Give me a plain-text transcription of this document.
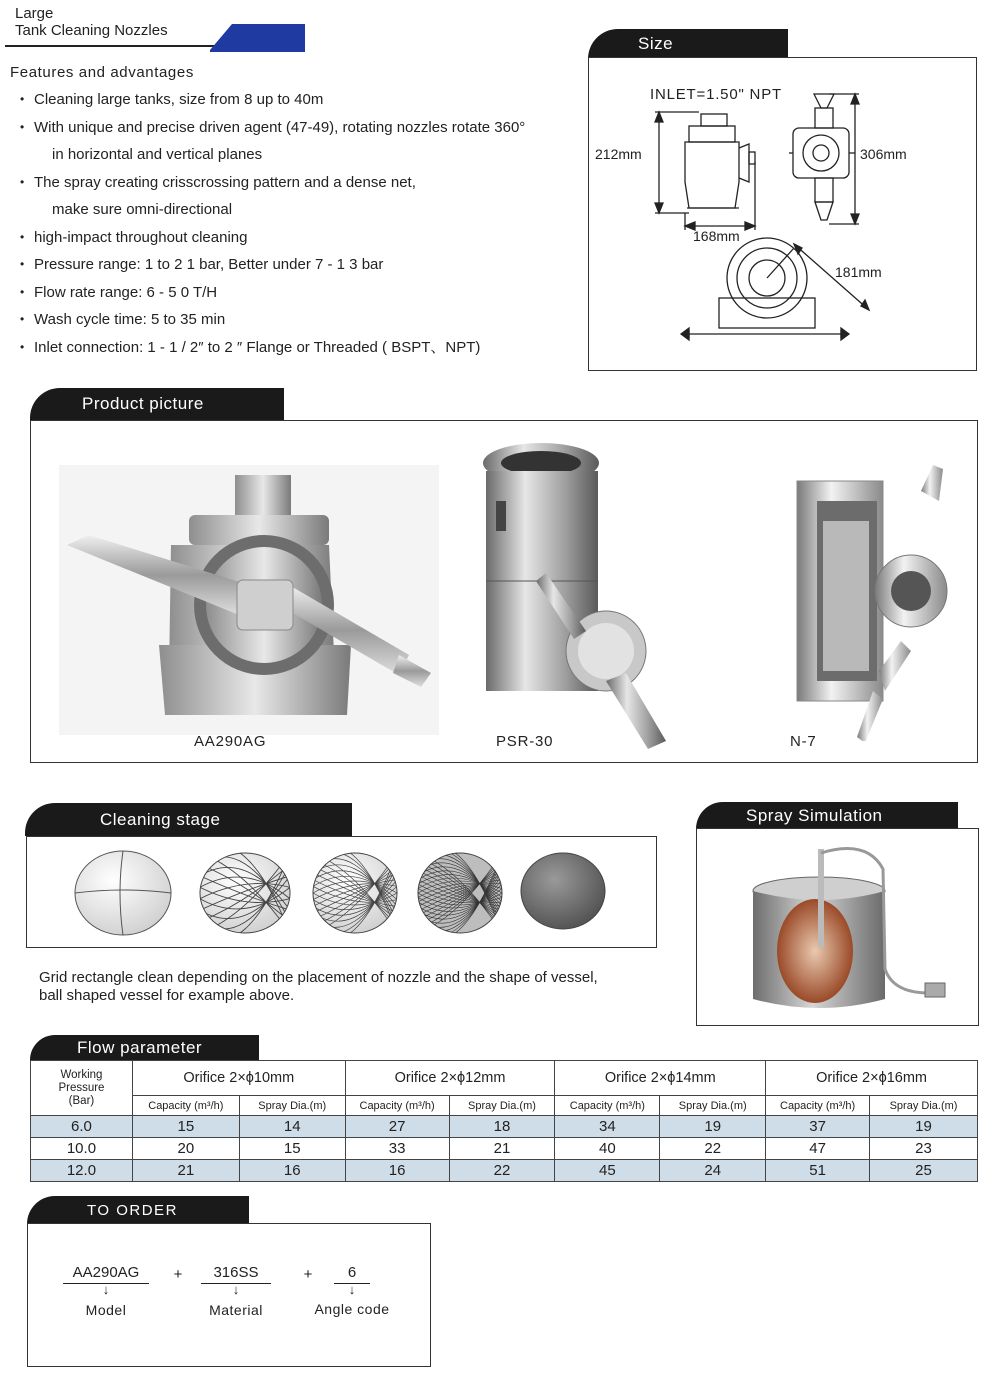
Large
Tank Cleaning Nozzles
Features and advantages
• Cleaning large tanks, size from 8 up to 40m
• With unique and precise driven agent (47-49), rotating nozzles rotate 360°
in horizontal and vertical planes
• The spray creating crisscrossing pattern and a dense net,
make sure omni-directional
• high-impact throughout cleaning
• Pressure range: 1 to 2 1 bar, Better under 7 - 1 3 bar
• Flow rate range: 6 - 5 0 T/H
• Wash cycle time: 5 to 35 min
• Inlet connection: 1 - 1 / 2″ to 2 ″ Flange or Threaded ( BSPT、NPT)
Size
INLET=1.50" NPT
212mm
168mm
306mm
181mm
Product picture
AA290AG	PSR-30	N-7
Cleaning stage
Grid rectangle clean depending on the placement of nozzle and the shape of vessel,
ball shaped vessel for example above.
Spray Simulation
Flow parameter
Working
Pressure
(Bar)	Orifice 2×ϕ10mm		Orifice 2×ϕ12mm		Orifice 2×ϕ14mm		Orifice 2×ϕ16mm	
	Capacity (m³/h)	Spray Dia.(m)	Capacity (m³/h)	Spray Dia.(m)	Capacity (m³/h)	Spray Dia.(m)	Capacity (m³/h)	Spray Dia.(m)
6.0	15	14	27	18	34	19	37	19
10.0	20	15	33	21	40	22	47	23
12.0	21	16	16	22	45	24	51	25
TO ORDER
AA290AG
↓
Model
+	316SS
↓
Material
+	6
↓
Angle code
